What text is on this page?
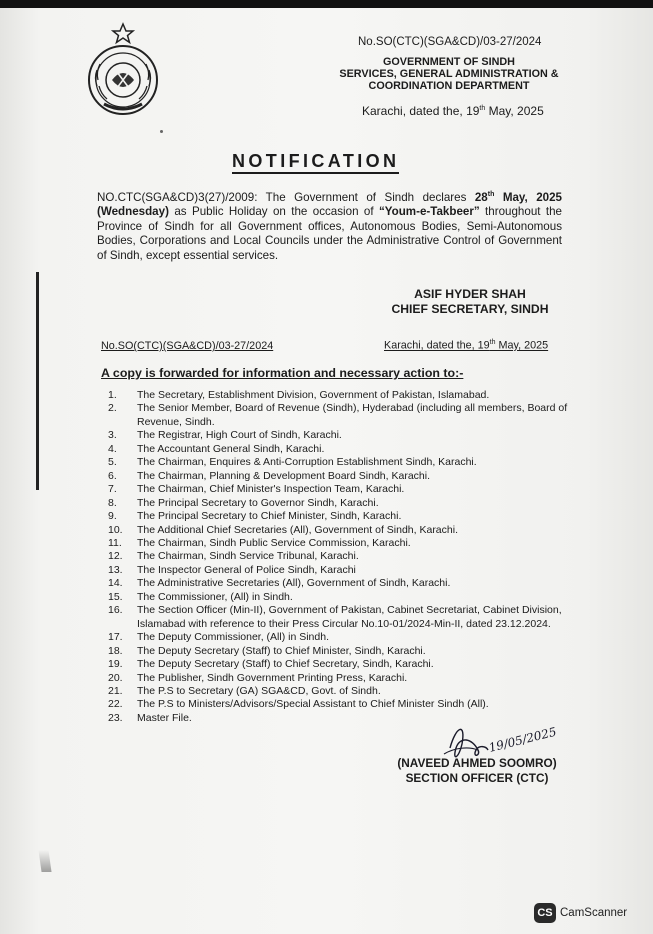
No.SO(CTC)(SGA&CD)/03-27/2024
GOVERNMENT OF SINDH
SERVICES, GENERAL ADMINISTRATION &
COORDINATION DEPARTMENT
Karachi, dated the, 19th May, 2025
NOTIFICATION
NO.CTC(SGA&CD)3(27)/2009: The Government of Sindh declares 28th May, 2025 (Wednesday) as Public Holiday on the occasion of “Youm-e-Takbeer” throughout the Province of Sindh for all Government offices, Autonomous Bodies, Semi-Autonomous Bodies, Corporations and Local Councils under the Administrative Control of Government of Sindh, except essential services.
ASIF HYDER SHAH
CHIEF SECRETARY, SINDH
No.SO(CTC)(SGA&CD)/03-27/2024	Karachi, dated the, 19th May, 2025
A copy is forwarded for information and necessary action to:-
1.	The Secretary, Establishment Division, Government of Pakistan, Islamabad.
2.	The Senior Member, Board of Revenue (Sindh), Hyderabad (including all members, Board of Revenue, Sindh.
3.	The Registrar, High Court of Sindh, Karachi.
4.	The Accountant General Sindh, Karachi.
5.	The Chairman, Enquires & Anti-Corruption Establishment Sindh, Karachi.
6.	The Chairman, Planning & Development Board Sindh, Karachi.
7.	The Chairman, Chief Minister's Inspection Team, Karachi.
8.	The Principal Secretary to Governor Sindh, Karachi.
9.	The Principal Secretary to Chief Minister, Sindh, Karachi.
10.	The Additional Chief Secretaries (All), Government of Sindh, Karachi.
11.	The Chairman, Sindh Public Service Commission, Karachi.
12.	The Chairman, Sindh Service Tribunal, Karachi.
13.	The Inspector General of Police Sindh, Karachi
14.	The Administrative Secretaries (All), Government of Sindh, Karachi.
15.	The Commissioner, (All) in Sindh.
16.	The Section Officer (Min-II), Government of Pakistan, Cabinet Secretariat, Cabinet Division, Islamabad with reference to their Press Circular No.10-01/2024-Min-II, dated 23.12.2024.
17.	The Deputy Commissioner, (All) in Sindh.
18.	The Deputy Secretary (Staff) to Chief Minister, Sindh, Karachi.
19.	The Deputy Secretary (Staff) to Chief Secretary, Sindh, Karachi.
20.	The Publisher, Sindh Government Printing Press, Karachi.
21.	The P.S to Secretary (GA) SGA&CD, Govt. of Sindh.
22.	The P.S to Ministers/Advisors/Special Assistant to Chief Minister Sindh (All).
23.	Master File.
19/05/2025
(NAVEED AHMED SOOMRO)
SECTION OFFICER (CTC)
CS CamScanner
